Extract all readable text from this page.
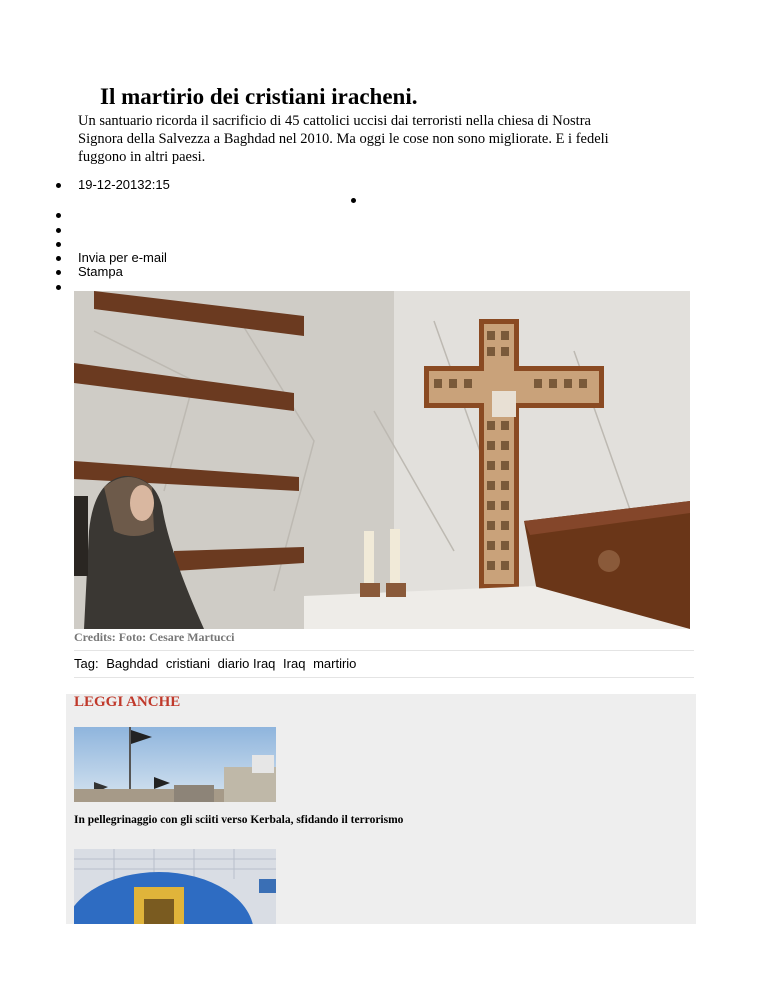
Il martirio dei cristiani iracheni.

Un santuario ricorda il sacrificio di 45 cattolici uccisi dai terroristi nella chiesa di Nostra Signora della Salvezza a Baghdad nel 2010. Ma oggi le cose non sono migliorate. E i fedeli fuggono in altri paesi.

19-12-20132:15
Invia per e-mail
Stampa
Credits: Foto: Cesare Martucci
Tag: Baghdad cristiani diario Iraq Iraq martirio
LEGGI ANCHE
In pellegrinaggio con gli sciiti verso Kerbala, sfidando il terrorismo
